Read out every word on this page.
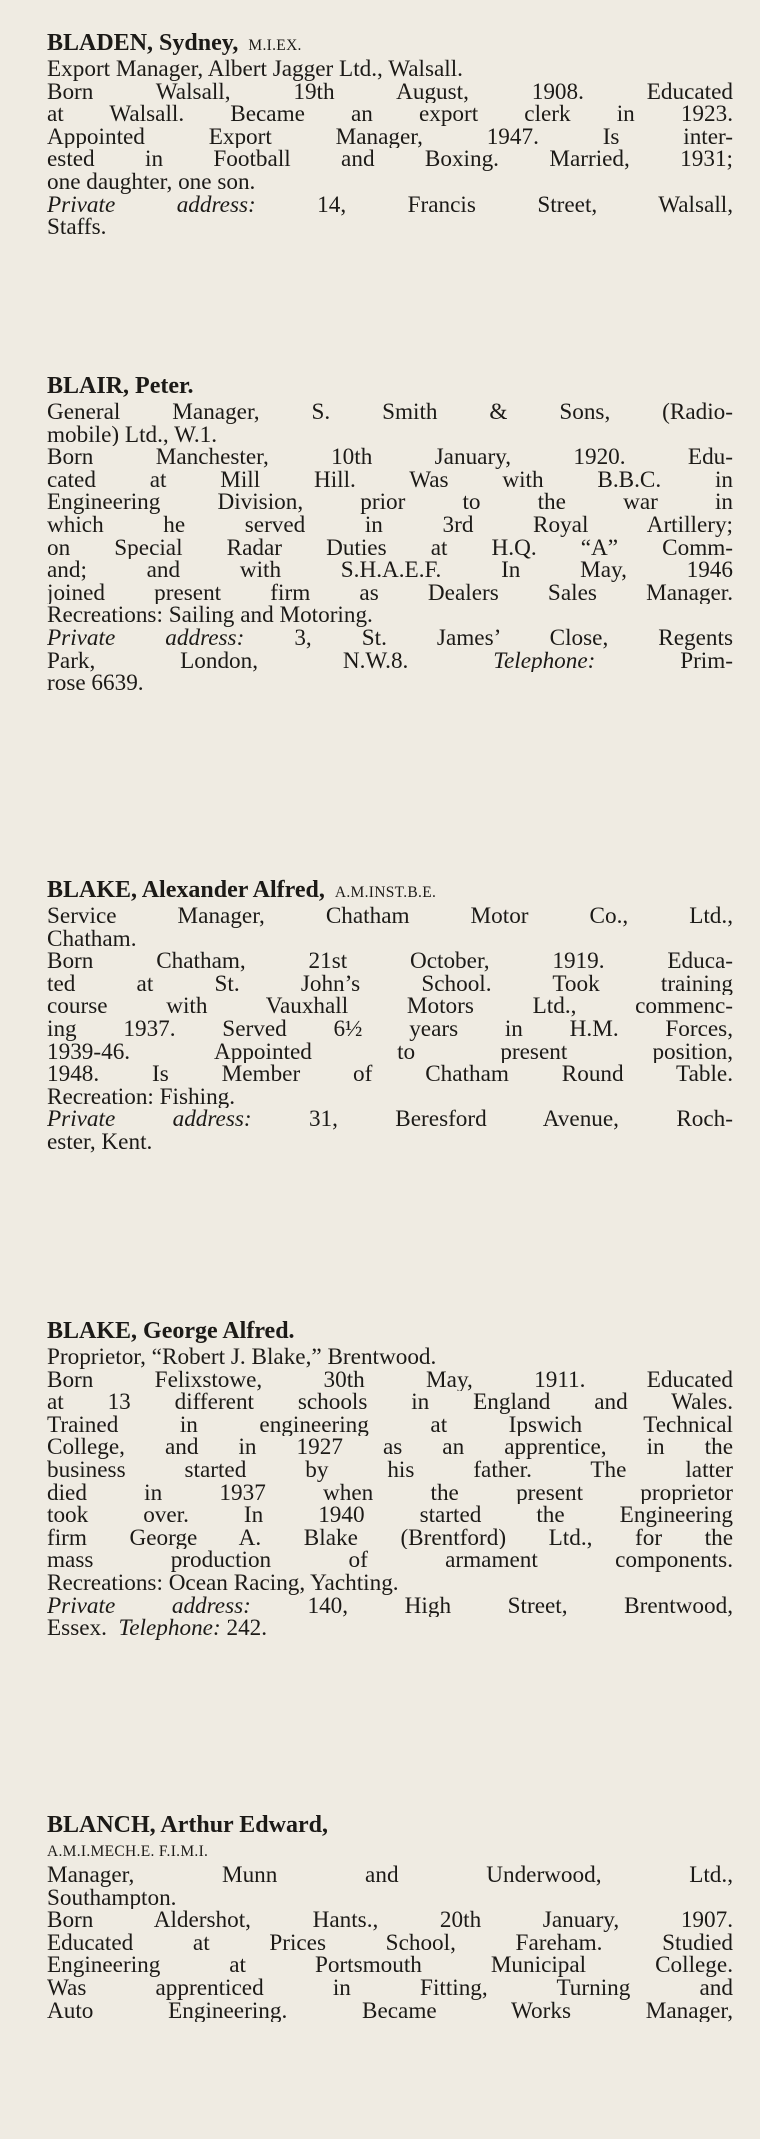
BLADEN, Sydney, M.I.EX.
Export Manager, Albert Jagger Ltd., Walsall.
Born Walsall, 19th August, 1908. Educated
at Walsall. Became an export clerk in 1923.
Appointed Export Manager, 1947. Is inter-
ested in Football and Boxing. Married, 1931;
one daughter, one son.
Private address: 14, Francis Street, Walsall,
Staffs.
BLAIR, Peter.
General Manager, S. Smith & Sons, (Radio-
mobile) Ltd., W.1.
Born Manchester, 10th January, 1920. Edu-
cated at Mill Hill. Was with B.B.C. in
Engineering Division, prior to the war in
which he served in 3rd Royal Artillery;
on Special Radar Duties at H.Q. “A” Comm-
and; and with S.H.A.E.F. In May, 1946
joined present firm as Dealers Sales Manager.
Recreations: Sailing and Motoring.
Private address: 3, St. James’ Close, Regents
Park, London, N.W.8.	Telephone: Prim-
rose 6639.
BLAKE, Alexander Alfred, A.M.INST.B.E.
Service Manager, Chatham Motor Co., Ltd.,
Chatham.
Born Chatham, 21st October, 1919. Educa-
ted at St. John’s School. Took training
course with Vauxhall Motors Ltd., commenc-
ing 1937. Served 6½ years in H.M. Forces,
1939-46. Appointed to present position,
1948. Is Member of Chatham Round Table.
Recreation: Fishing.
Private address: 31, Beresford Avenue, Roch-
ester, Kent.
BLAKE, George Alfred.
Proprietor, “Robert J. Blake,” Brentwood.
Born Felixstowe, 30th May, 1911. Educated
at 13 different schools in England and Wales.
Trained in engineering at Ipswich Technical
College, and in 1927 as an apprentice, in the
business started by his father. The latter
died in 1937 when the present proprietor
took over. In 1940 started the Engineering
firm George A. Blake (Brentford) Ltd., for the
mass production of armament components.
Recreations: Ocean Racing, Yachting.
Private address: 140, High Street, Brentwood,
Essex. Telephone: 242.
BLANCH, Arthur Edward,
A.M.I.MECH.E. F.I.M.I.
Manager, Munn and Underwood, Ltd.,
Southampton.
Born Aldershot, Hants., 20th January, 1907.
Educated at Prices School, Fareham. Studied
Engineering at Portsmouth Municipal College.
Was apprenticed in Fitting, Turning and
Auto Engineering. Became Works Manager,
